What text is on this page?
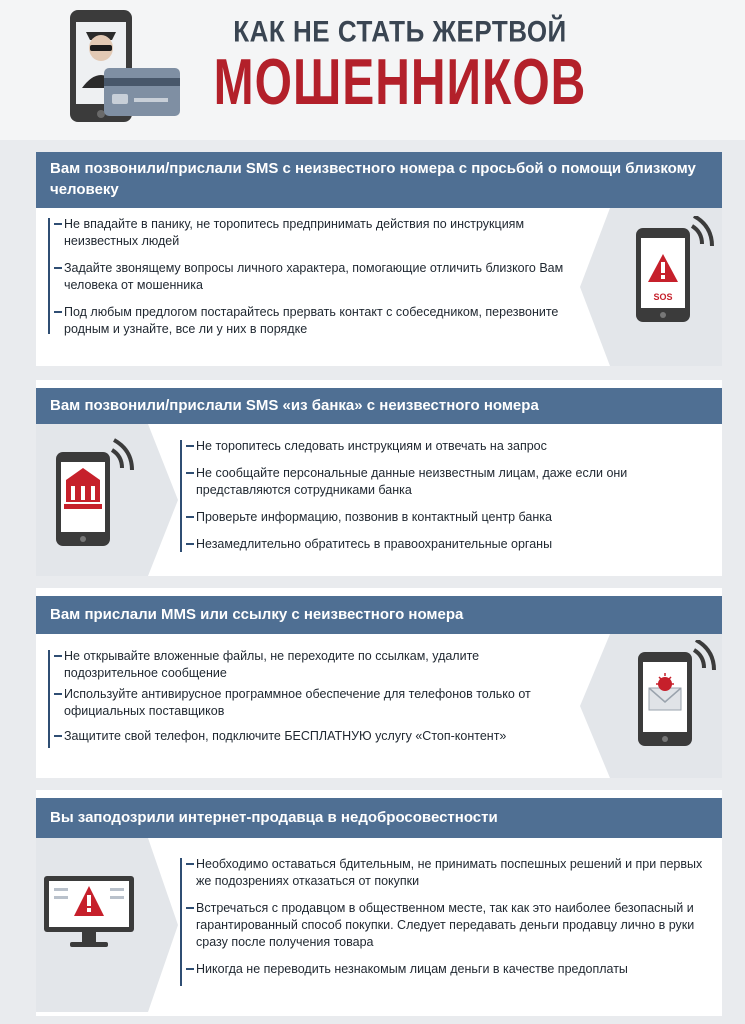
КАК НЕ СТАТЬ ЖЕРТВОЙ
МОШЕННИКОВ
Вам позвонили/прислали SMS с неизвестного номера с просьбой о помощи близкому человеку
Не впадайте в панику, не торопитесь предпринимать действия по инструкциям неизвестных людей
Задайте звонящему вопросы личного характера, помогающие отличить близкого Вам человека от мошенника
Под любым предлогом постарайтесь прервать контакт с собеседником, перезвоните родным и узнайте, все ли у них в порядке
SOS
Вам позвонили/прислали SMS «из банка» с неизвестного номера
Не торопитесь следовать инструкциям и отвечать на запрос
Не сообщайте персональные данные неизвестным лицам, даже если они представляются сотрудниками банка
Проверьте информацию, позвонив в контактный центр банка
Незамедлительно обратитесь в правоохранительные органы
Вам прислали MMS или ссылку с неизвестного номера
Не открывайте вложенные файлы, не переходите по ссылкам, удалите подозрительное сообщение
Используйте антивирусное программное обеспечение для телефонов только от официальных поставщиков
Защитите свой телефон, подключите БЕСПЛАТНУЮ услугу «Стоп-контент»
Вы заподозрили интернет-продавца в недобросовестности
Необходимо оставаться бдительным, не принимать поспешных решений и при первых же подозрениях отказаться от покупки
Встречаться с продавцом в общественном месте, так как это наиболее безопасный и гарантированный способ покупки. Следует передавать деньги продавцу лично в руки сразу после получения товара
Никогда не переводить незнакомым лицам деньги в качестве предоплаты
